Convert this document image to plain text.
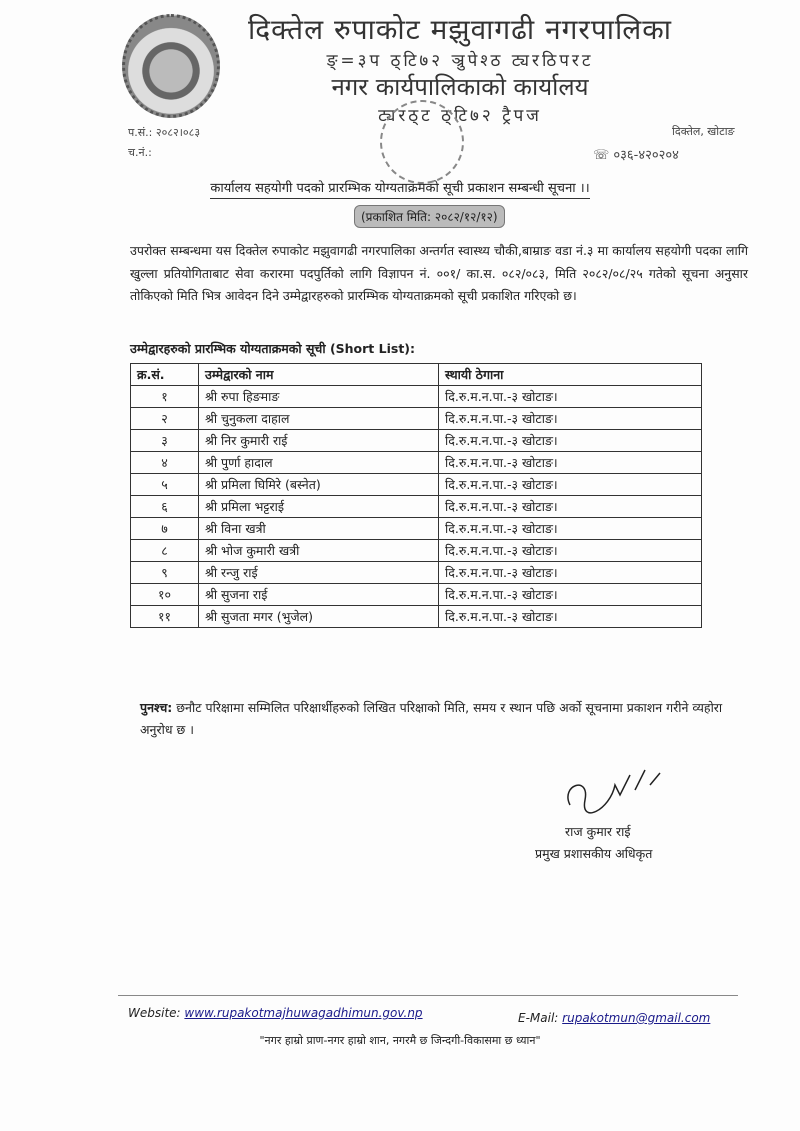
दिक्तेल रुपाकोट मझुवागढी नगरपालिका
ङ्=३प ठ्टि७२ ञ्रुपेश्ठ ट्यरठिपरट
नगर कार्यपालिकाको कार्यालय
ट्यरठ्ट ठ्टि७२ ट्रैपज
प.सं.: २०८२।०८३
च.नं.:
दिक्तेल, खोटाङ
☏ ०३६-४२०२०४
कार्यालय सहयोगी पदकाे प्रारम्भिक योग्यताक्रमको सूची प्रकाशन सम्बन्धी सूचना ।।
(प्रकाशित मिति: २०८२/१२/१२)
उपरोक्त सम्बन्धमा यस दिक्तेल रुपाकोट मझुवागढी नगरपालिका अन्तर्गत स्वास्थ्य चौकी,बाम्राङ वडा नं.३ मा कार्यालय सहयोगी पदका लागि खुल्ला प्रतियोगिताबाट सेवा करारमा पदपुर्तिको लागि विज्ञापन नं. ००१/ का.स. ०८२/०८३, मिति २०८२/०८/२५ गतेको सूचना अनुसार तोकिएको मिति भित्र आवेदन दिने उम्मेद्वारहरुको प्रारम्भिक योग्यताक्रमको सूची प्रकाशित गरिएको छ।
उम्मेद्वारहरुको प्रारम्भिक योग्यताक्रमको सूची (Short List):
क्र.सं.	उम्मेद्वारको नाम	स्थायी ठेगाना
१	श्री रुपा हिङमाङ	दि.रु.म.न.पा.-३ खोटाङ।
२	श्री चुनुकला दाहाल	दि.रु.म.न.पा.-३ खोटाङ।
३	श्री निर कुमारी राई	दि.रु.म.न.पा.-३ खोटाङ।
४	श्री पुर्णा हादाल	दि.रु.म.न.पा.-३ खोटाङ।
५	श्री प्रमिला घिमिरे (बस्नेत)	दि.रु.म.न.पा.-३ खोटाङ।
६	श्री प्रमिला भट्टराई	दि.रु.म.न.पा.-३ खोटाङ।
७	श्री विना खत्री	दि.रु.म.न.पा.-३ खोटाङ।
८	श्री भोज कुमारी खत्री	दि.रु.म.न.पा.-३ खोटाङ।
९	श्री रन्जु राई	दि.रु.म.न.पा.-३ खोटाङ।
१०	श्री सुजना राई	दि.रु.म.न.पा.-३ खोटाङ।
११	श्री सुजता मगर (भुजेल)	दि.रु.म.न.पा.-३ खोटाङ।
पुनश्च: छनौट परिक्षामा सम्मिलित परिक्षार्थीहरुको लिखित परिक्षाको मिति, समय र स्थान पछि अर्को सूचनामा प्रकाशन गरीने व्यहोरा अनुरोध छ ।
राज कुमार राई
प्रमुख प्रशासकीय अधिकृत
Website: www.rupakotmajhuwagadhimun.gov.np	E-Mail: rupakotmun@gmail.com
"नगर हाम्रो प्राण-नगर हाम्रो शान, नगरमै छ जिन्दगी-विकासमा छ ध्यान"
